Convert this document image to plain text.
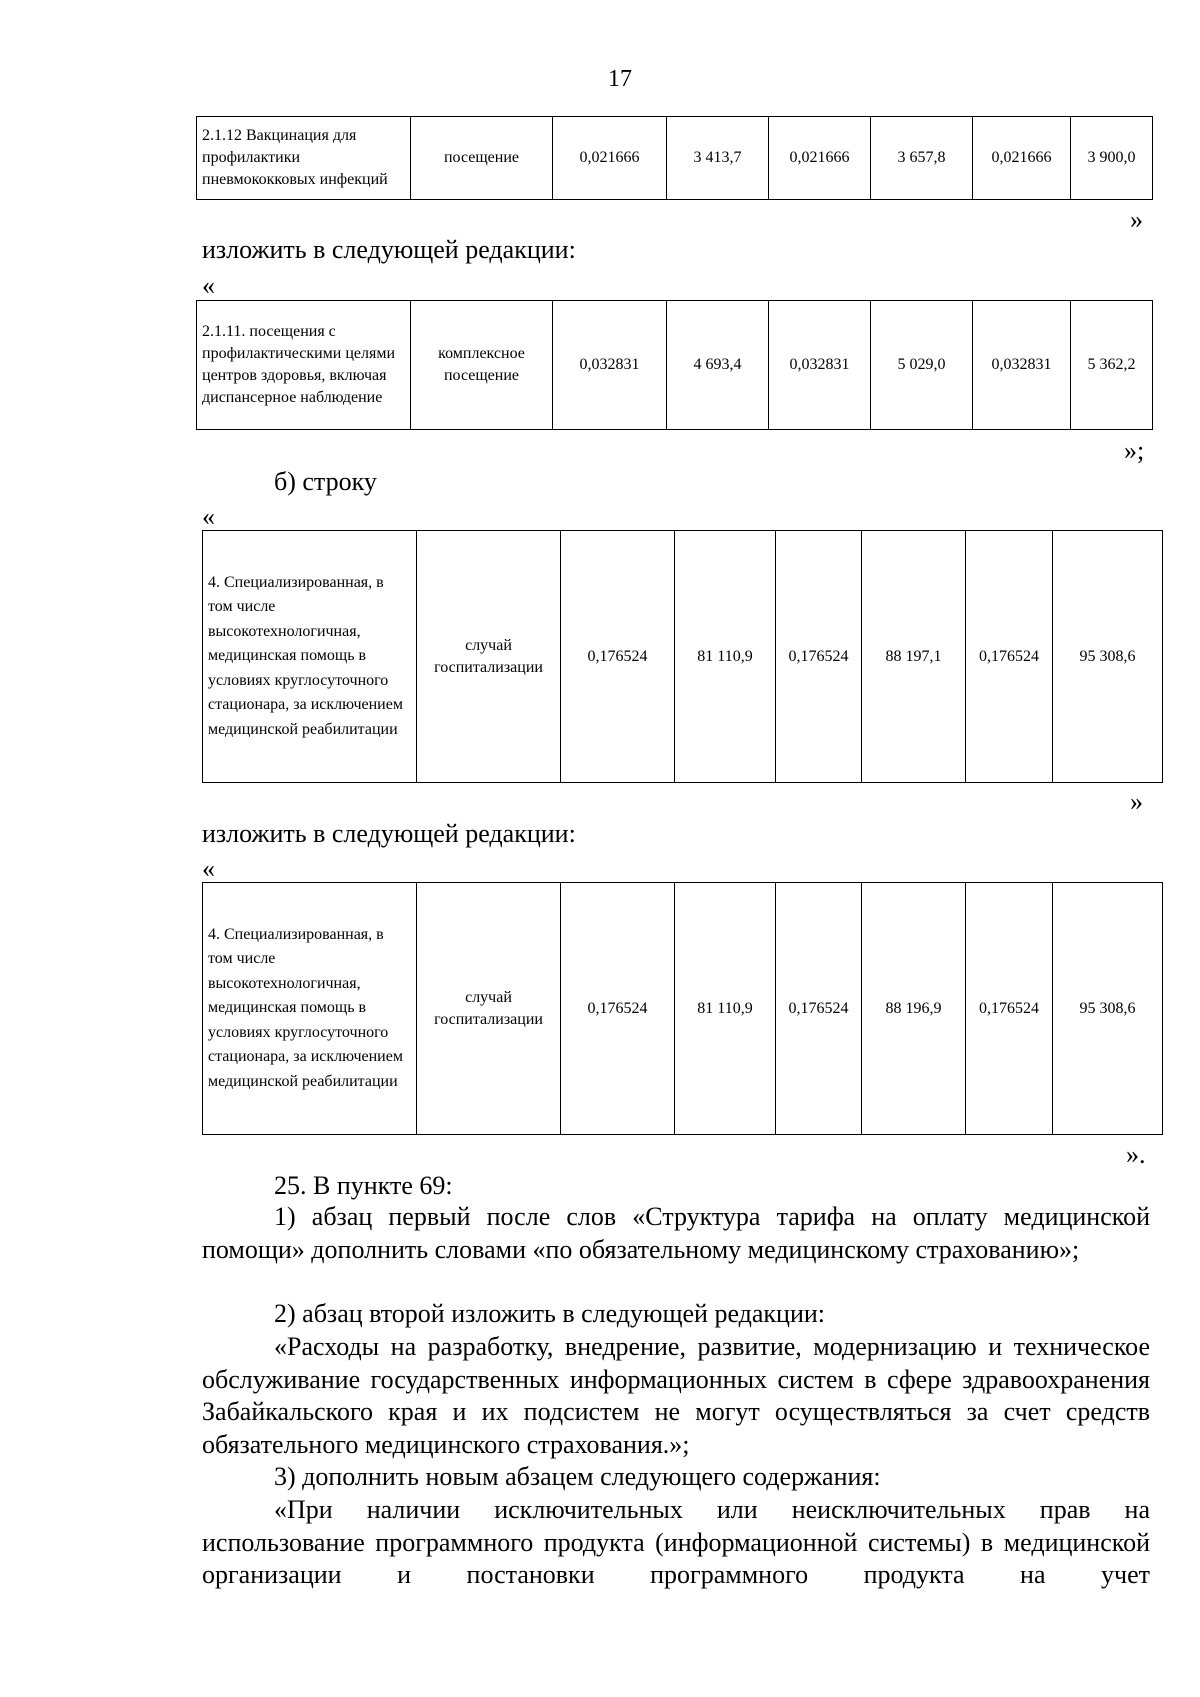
17
2.1.12 Вакцинация для профилактики пневмококковых инфекций	посещение	0,021666	3 413,7	0,021666	3 657,8	0,021666	3 900,0
»
изложить в следующей редакции:
«
2.1.11. посещения с профилактическими целями центров здоровья, включая диспансерное наблюдение	комплексное посещение	0,032831	4 693,4	0,032831	5 029,0	0,032831	5 362,2
»;
б) строку
«
4. Специализированная, в том числе высокотехнологичная, медицинская помощь в условиях круглосуточного стационара, за исключением медицинской реабилитации	случай госпитализации	0,176524	81 110,9	0,176524	88 197,1	0,176524	95 308,6
»
изложить в следующей редакции:
«
4. Специализированная, в том числе высокотехнологичная, медицинская помощь в условиях круглосуточного стационара, за исключением медицинской реабилитации	случай госпитализации	0,176524	81 110,9	0,176524	88 196,9	0,176524	95 308,6
».
25. В пункте 69:
1) абзац первый после слов «Структура тарифа на оплату медицинской помощи» дополнить словами «по обязательному медицинскому страхованию»;
2) абзац второй изложить в следующей редакции:
«Расходы на разработку, внедрение, развитие, модернизацию и техническое обслуживание государственных информационных систем в сфере здравоохранения Забайкальского края и их подсистем не могут осуществляться за счет средств обязательного медицинского страхования.»;
3) дополнить новым абзацем следующего содержания:
«При наличии исключительных или неисключительных прав на использование программного продукта (информационной системы) в медицинской организации и постановки программного продукта на учет
